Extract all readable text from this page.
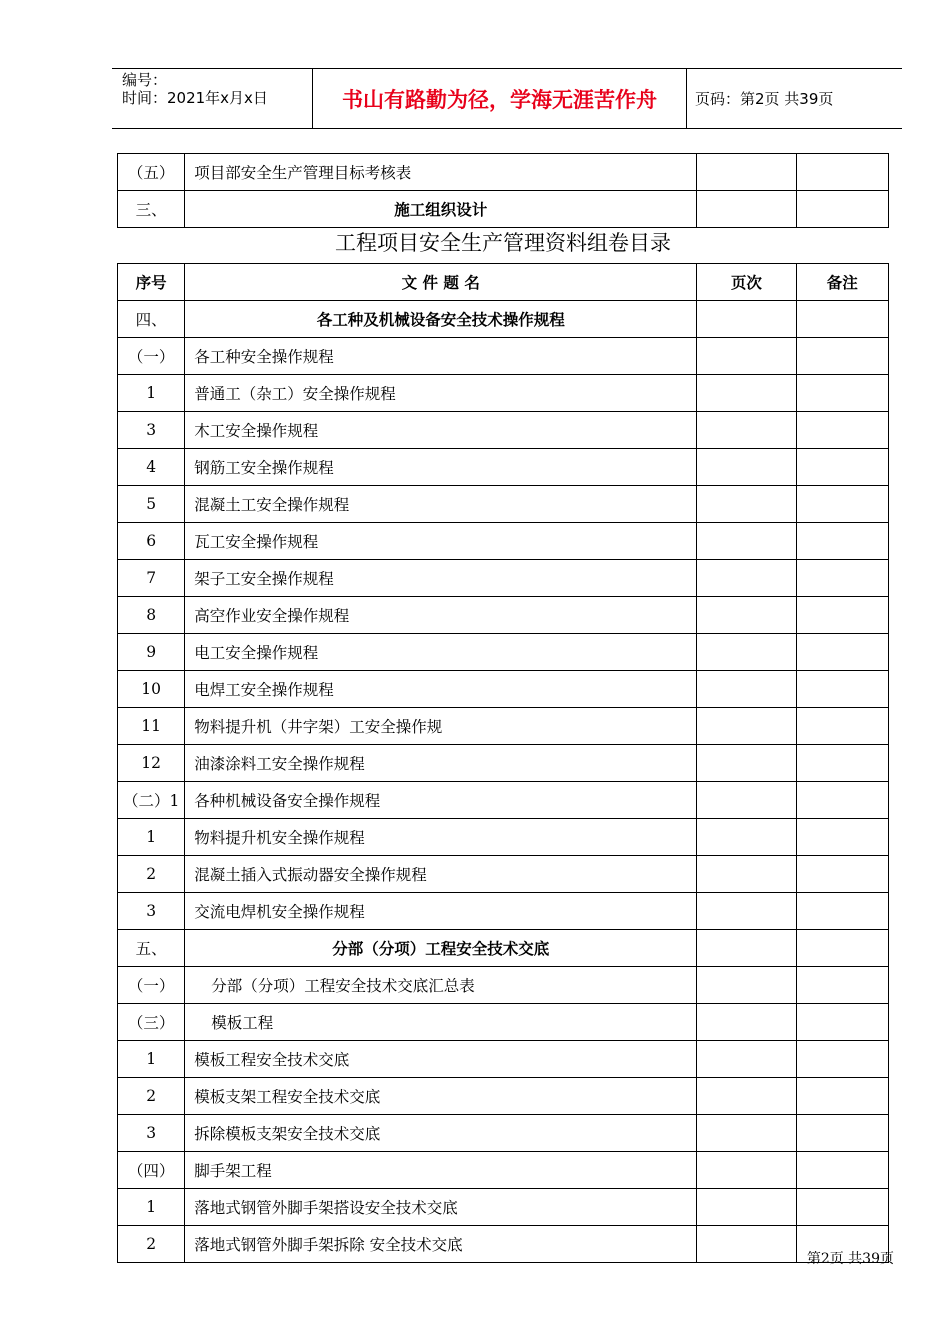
编号：
时间：2021年x月x日	书山有路勤为径，学海无涯苦作舟	页码：第2页 共39页
（五）	项目部安全生产管理目标考核表		
三、	施工组织设计		
工程项目安全生产管理资料组卷目录
序号	文 件 题 名	页次	备注
四、	各工种及机械设备安全技术操作规程		
（一）	各工种安全操作规程		
1	普通工（杂工）安全操作规程		
3	木工安全操作规程		
4	钢筋工安全操作规程		
5	混凝土工安全操作规程		
6	瓦工安全操作规程		
7	架子工安全操作规程		
8	高空作业安全操作规程		
9	电工安全操作规程		
10	电焊工安全操作规程		
11	物料提升机（井字架）工安全操作规		
12	油漆涂料工安全操作规程		
（二）1	各种机械设备安全操作规程		
1	物料提升机安全操作规程		
2	混凝土插入式振动器安全操作规程		
3	交流电焊机安全操作规程		
五、	分部（分项）工程安全技术交底		
（一）	分部（分项）工程安全技术交底汇总表		
（三）	模板工程		
1	模板工程安全技术交底		
2	模板支架工程安全技术交底		
3	拆除模板支架安全技术交底		
（四）	脚手架工程		
1	落地式钢管外脚手架搭设安全技术交底		
2	落地式钢管外脚手架拆除 安全技术交底		
第2页 共39页
